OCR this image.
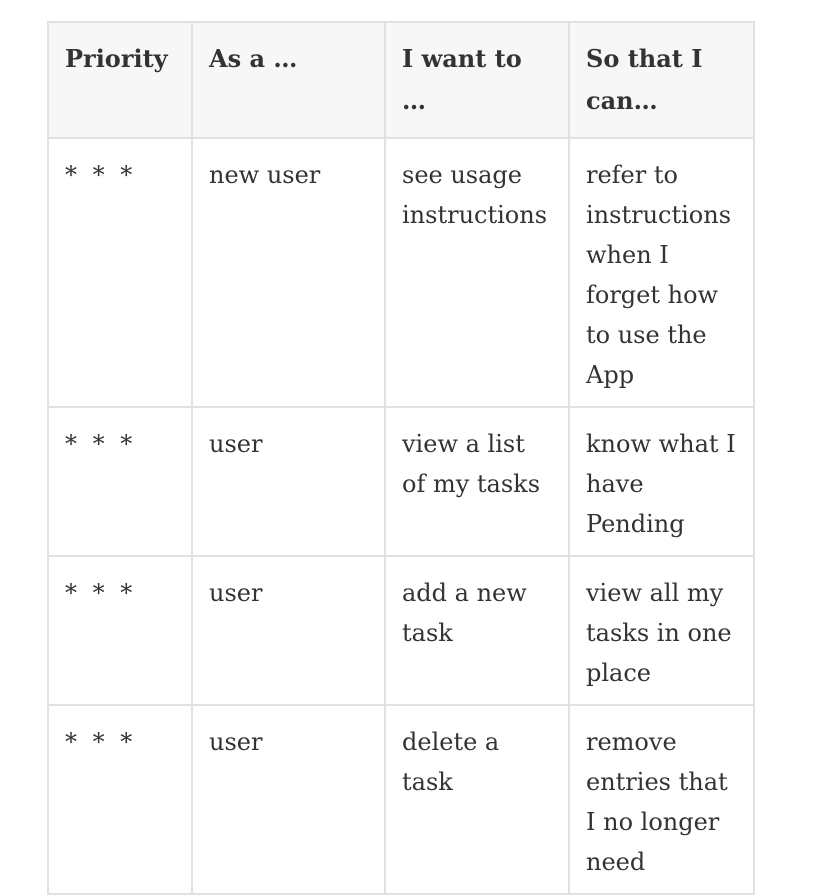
Priority	As a …	I want to …	So that I can…
* * *	new user	see usage instructions	refer to instructions when I forget how to use the App
* * *	user	view a list of my tasks	know what I have Pending
* * *	user	add a new task	view all my tasks in one place
* * *	user	delete a task	remove entries that I no longer need
